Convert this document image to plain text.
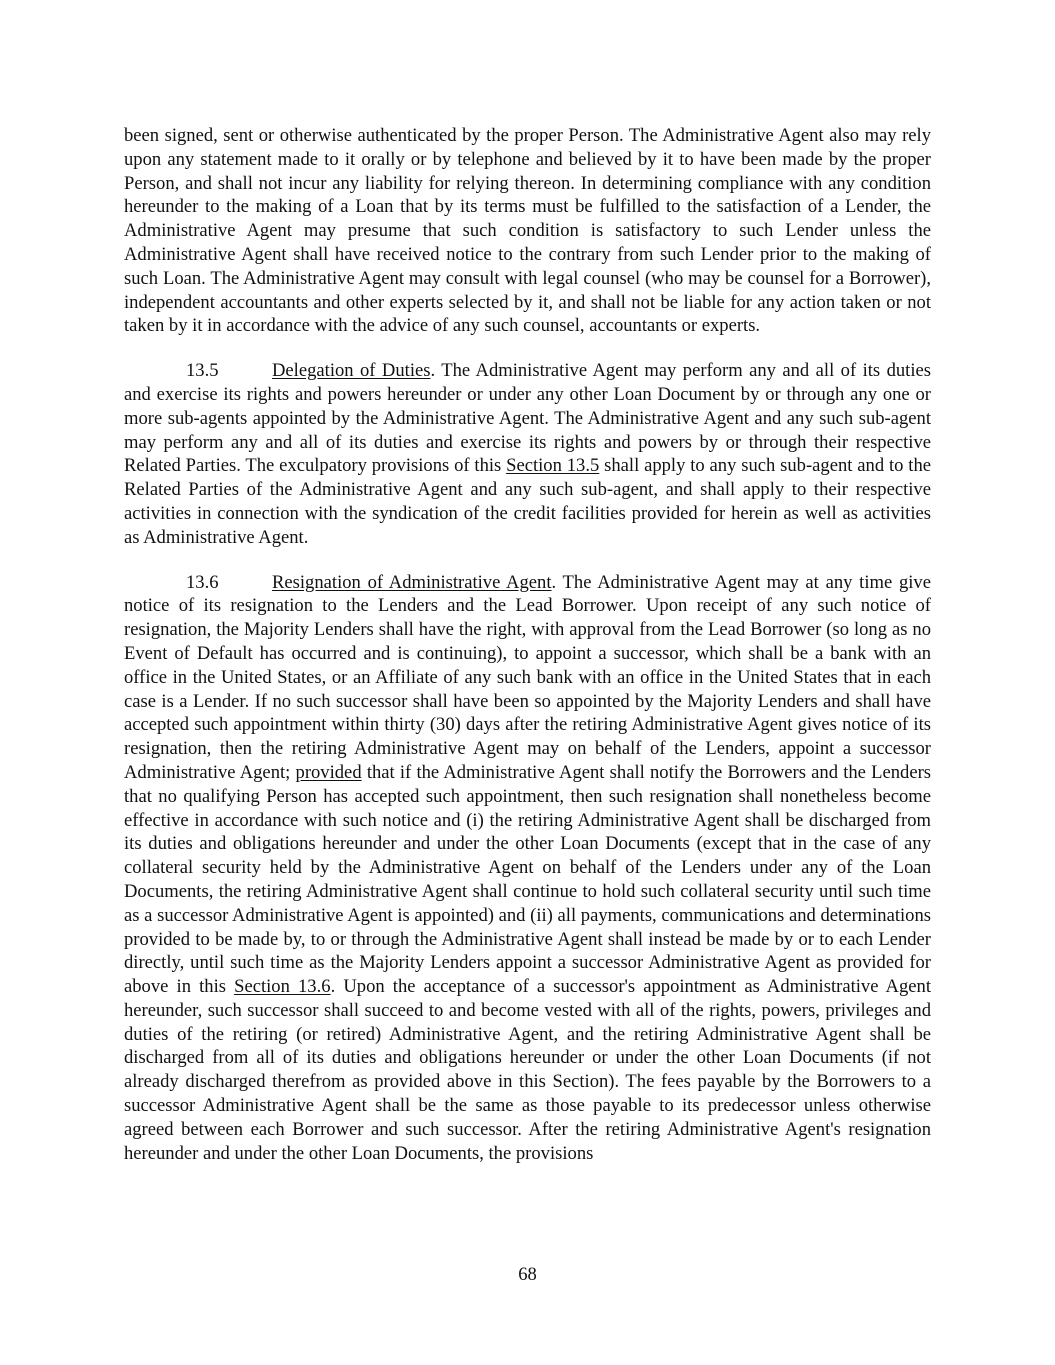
been signed, sent or otherwise authenticated by the proper Person. The Administrative Agent also may rely upon any statement made to it orally or by telephone and believed by it to have been made by the proper Person, and shall not incur any liability for relying thereon. In determining compliance with any condition hereunder to the making of a Loan that by its terms must be fulfilled to the satisfaction of a Lender, the Administrative Agent may presume that such condition is satisfactory to such Lender unless the Administrative Agent shall have received notice to the contrary from such Lender prior to the making of such Loan. The Administrative Agent may consult with legal counsel (who may be counsel for a Borrower), independent accountants and other experts selected by it, and shall not be liable for any action taken or not taken by it in accordance with the advice of any such counsel, accountants or experts.

13.5	Delegation of Duties. The Administrative Agent may perform any and all of its duties and exercise its rights and powers hereunder or under any other Loan Document by or through any one or more sub-agents appointed by the Administrative Agent. The Administrative Agent and any such sub-agent may perform any and all of its duties and exercise its rights and powers by or through their respective Related Parties. The exculpatory provisions of this Section 13.5 shall apply to any such sub-agent and to the Related Parties of the Administrative Agent and any such sub-agent, and shall apply to their respective activities in connection with the syndication of the credit facilities provided for herein as well as activities as Administrative Agent.

13.6	Resignation of Administrative Agent. The Administrative Agent may at any time give notice of its resignation to the Lenders and the Lead Borrower. Upon receipt of any such notice of resignation, the Majority Lenders shall have the right, with approval from the Lead Borrower (so long as no Event of Default has occurred and is continuing), to appoint a successor, which shall be a bank with an office in the United States, or an Affiliate of any such bank with an office in the United States that in each case is a Lender. If no such successor shall have been so appointed by the Majority Lenders and shall have accepted such appointment within thirty (30) days after the retiring Administrative Agent gives notice of its resignation, then the retiring Administrative Agent may on behalf of the Lenders, appoint a successor Administrative Agent; provided that if the Administrative Agent shall notify the Borrowers and the Lenders that no qualifying Person has accepted such appointment, then such resignation shall nonetheless become effective in accordance with such notice and (i) the retiring Administrative Agent shall be discharged from its duties and obligations hereunder and under the other Loan Documents (except that in the case of any collateral security held by the Administrative Agent on behalf of the Lenders under any of the Loan Documents, the retiring Administrative Agent shall continue to hold such collateral security until such time as a successor Administrative Agent is appointed) and (ii) all payments, communications and determinations provided to be made by, to or through the Administrative Agent shall instead be made by or to each Lender directly, until such time as the Majority Lenders appoint a successor Administrative Agent as provided for above in this Section 13.6. Upon the acceptance of a successor's appointment as Administrative Agent hereunder, such successor shall succeed to and become vested with all of the rights, powers, privileges and duties of the retiring (or retired) Administrative Agent, and the retiring Administrative Agent shall be discharged from all of its duties and obligations hereunder or under the other Loan Documents (if not already discharged therefrom as provided above in this Section). The fees payable by the Borrowers to a successor Administrative Agent shall be the same as those payable to its predecessor unless otherwise agreed between each Borrower and such successor. After the retiring Administrative Agent's resignation hereunder and under the other Loan Documents, the provisions

68
